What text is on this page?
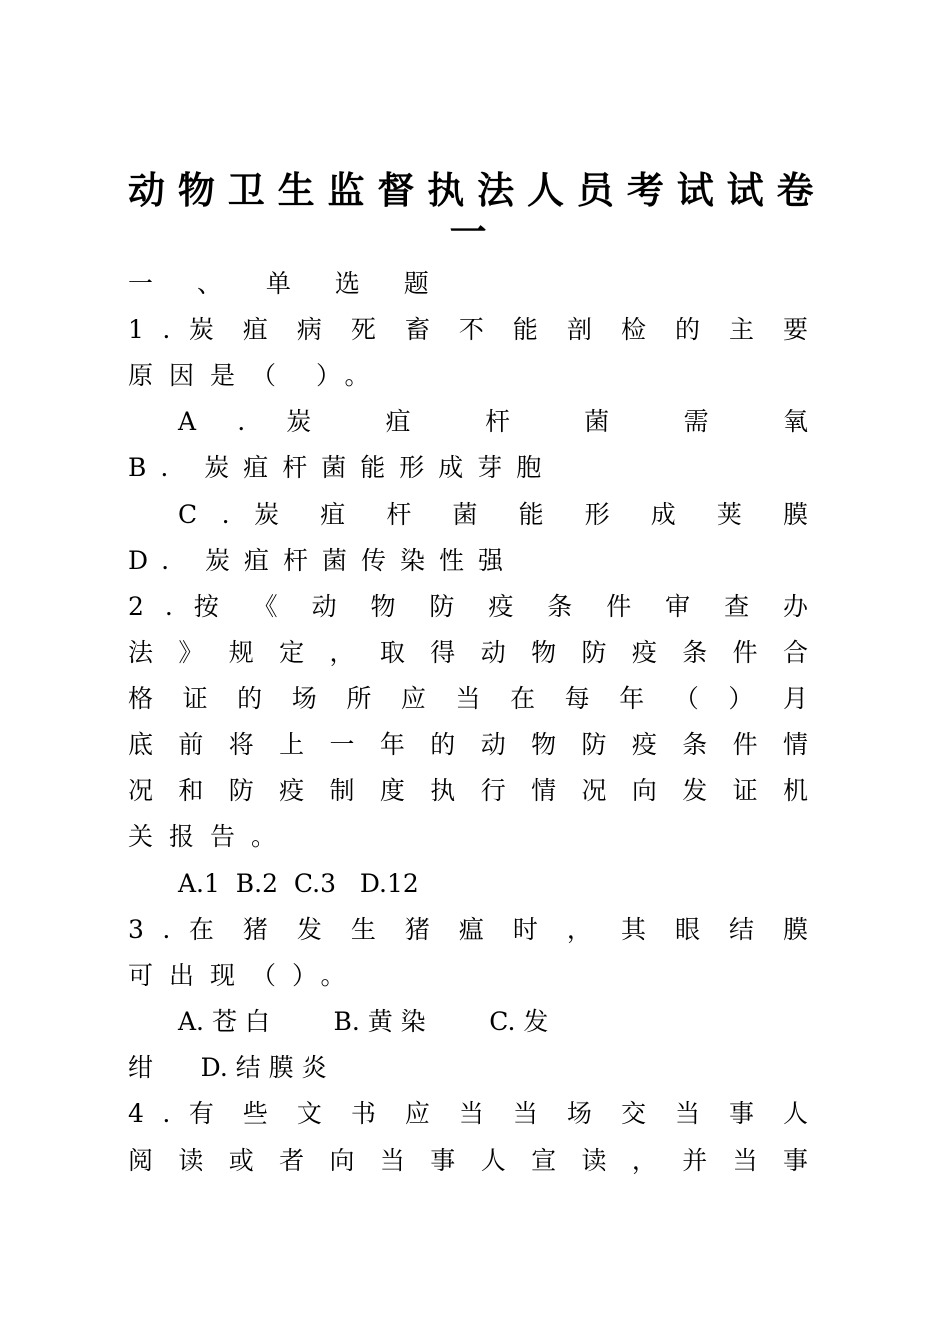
动 物 卫 生 监 督 执 法 人 员 考 试 试 卷
一
一 、 单 选 题
1 . 炭 疽 病 死 畜 不 能 剖 检 的 主 要
原因是（ ）。
A . 炭 疽 杆 菌 需 氧
B. 炭疽杆菌能形成芽胞
C . 炭 疽 杆 菌 能 形 成 荚 膜
D. 炭疽杆菌传染性强
2 . 按 《 动 物 防 疫 条 件 审 查 办
法 》 规 定 ， 取 得 动 物 防 疫 条 件 合
格 证 的 场 所 应 当 在 每 年 （ ） 月
底 前 将 上 一 年 的 动 物 防 疫 条 件 情
况 和 防 疫 制 度 执 行 情 况 向 发 证 机
关报告。
A.1  B.2  C.3   D.12
3 . 在 猪 发 生 猪 瘟 时 ， 其 眼 结 膜
可出现（）。
A. 苍 白        B. 黄 染        C. 发
绀      D. 结 膜 炎
4 . 有 些 文 书 应 当 当 场 交 当 事 人
阅 读 或 者 向 当 事 人 宣 读 ， 并 当 事
